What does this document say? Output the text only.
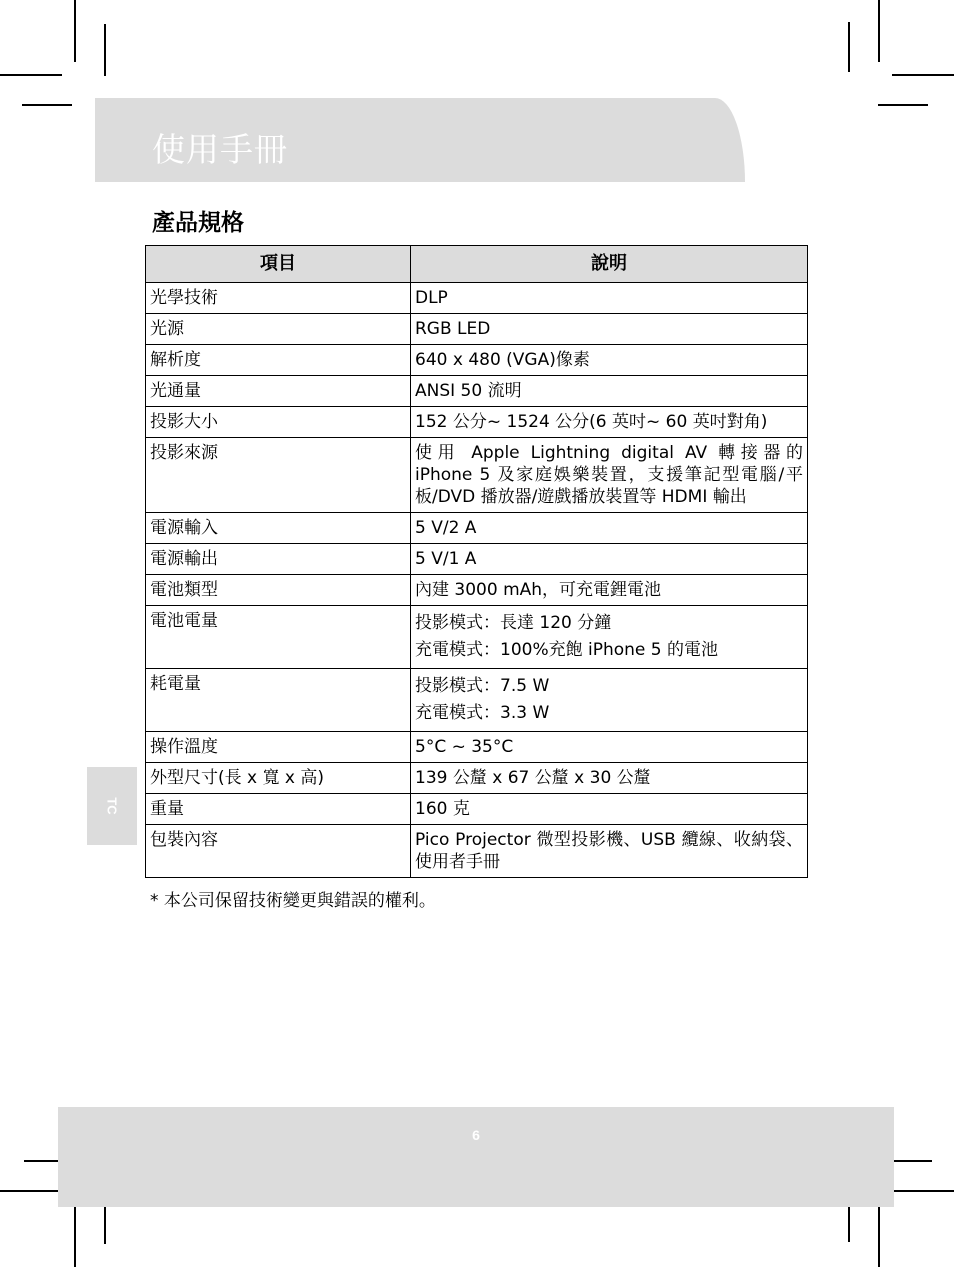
使用手冊
產品規格
項目	說明
光學技術	DLP
光源	RGB LED
解析度	640 x 480 (VGA)像素
光通量	ANSI 50 流明
投影大小	152 公分~ 1524 公分(6 英吋~ 60 英吋對角)
投影來源	使用 Apple Lightning digital AV 轉接器的 iPhone 5 及家庭娛樂裝置，支援筆記型電腦/平板/DVD 播放器/遊戲播放裝置等 HDMI 輸出
電源輸入	5 V/2 A
電源輸出	5 V/1 A
電池類型	內建 3000 mAh，可充電鋰電池
電池電量	投影模式：長達 120 分鐘
充電模式：100%充飽 iPhone 5 的電池

耗電量	投影模式：7.5 W
充電模式：3.3 W

操作溫度	5°C ~ 35°C
外型尺寸(長 x 寬 x 高)	139 公釐 x 67 公釐 x 30 公釐
重量	160 克
包裝內容	Pico Projector 微型投影機、USB 纜線、收納袋、使用者手冊
* 本公司保留技術變更與錯誤的權利。
TC
6
